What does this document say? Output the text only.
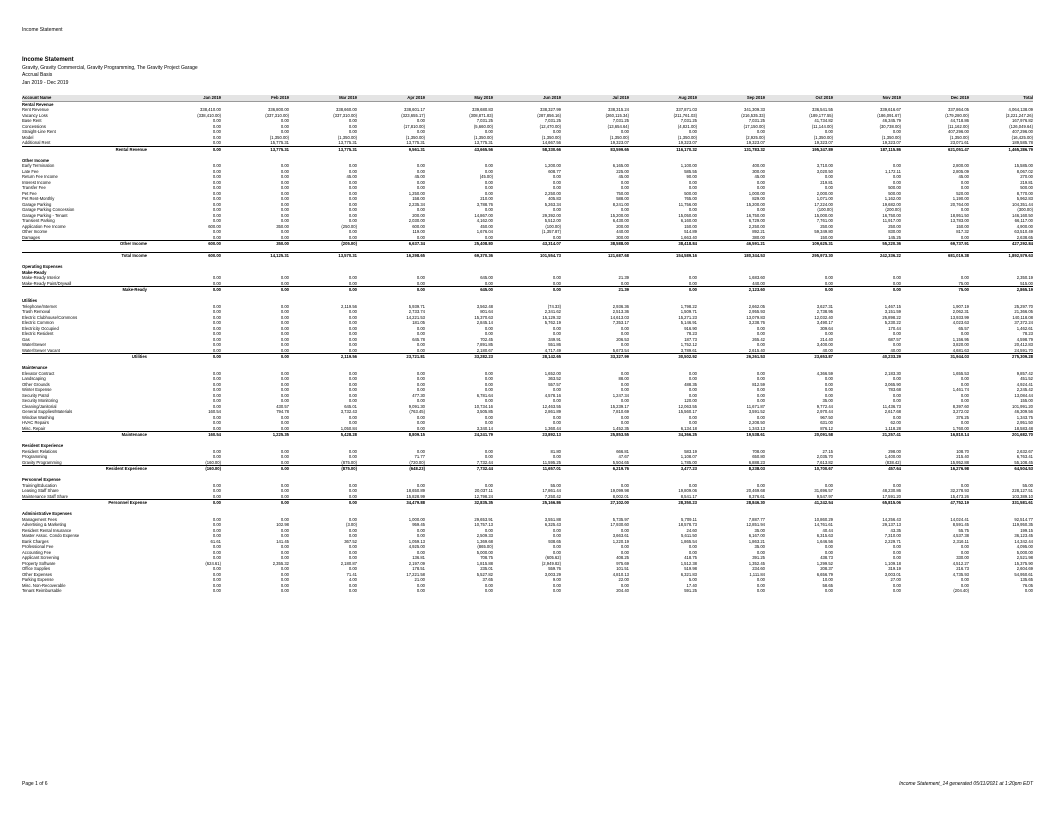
Income Statement
Income Statement
Gravity, Gravity Commercial, Gravity Programming, The Gravity Project Garage
Accrual Basis
Jan 2019 - Dec 2019
Account Name	Jan 2019	Feb 2019	Mar 2019	Apr 2019	May 2019	Jun 2019	Jul 2019	Aug 2019	Sep 2019	Oct 2019	Nov 2019	Dec 2019	Total
Rental Revenue													
Rent Revenue	338,410.00	336,800.00	338,660.00	338,601.17	339,680.83	338,327.99	338,315.24	337,871.03	341,309.33	336,541.55	339,616.67	337,864.05	4,064,138.09
Vacancy Loss	(338,410.00)	(337,310.00)	(337,310.00)	(323,655.17)	(308,871.83)	(287,856.16)	(260,115.34)	(211,761.03)	(216,535.33)	(189,177.55)	(186,091.67)	(179,280.00)	(3,221,247.26)
Base Rent	0.00	0.00	0.00	0.00	7,031.25	7,031.25	7,031.25	7,031.25	7,031.25	41,734.82	46,345.79	44,718.86	167,976.82
Concessions	0.00	0.00	0.00	(17,810.00)	(5,660.00)	(12,470.00)	(13,654.64)	(4,821.00)	(17,150.00)	(11,144.00)	(30,738.00)	(11,162.00)	(126,049.64)
Straight-Line Rent	0.00	0.00	0.00	0.00	0.00	0.00	0.00	0.00	0.00	0.00	0.00	407,296.00	407,296.00
Model	0.00	(1,350.00)	(1,350.00)	(1,350.00)	(1,350.00)	(1,350.00)	(1,350.00)	(1,350.00)	(2,925.00)	(1,350.00)	(1,350.00)	(1,350.00)	(16,425.00)
Additional Rent	0.00	15,775.31	13,775.31	13,775.31	13,775.31	14,667.56	19,323.07	19,323.07	19,323.07	19,323.07	19,323.07	23,071.61	189,585.78
Rental Revenue	0.00	13,775.31	13,775.31	9,561.31	43,665.56	58,330.66	83,599.65	116,170.32	131,783.32	195,347.89	187,115.86	621,051.47	1,465,286.79

Other Income													
Early Termination	0.00	0.00	0.00	0.00	0.00	1,200.00	6,165.00	1,100.00	400.00	3,710.00	0.00	2,800.00	15,585.00
Late Fee	0.00	0.00	0.00	0.00	0.00	608.77	225.00	585.55	300.00	3,020.50	1,172.11	2,805.09	8,067.02
Return Fee Income	0.00	0.00	45.00	45.00	(45.00)	0.00	45.00	90.00	45.00	0.00	0.00	45.00	270.00
Interest Income	0.00	0.00	0.00	0.00	0.00	0.00	0.00	0.00	0.00	219.81	0.00	0.00	219.81
Transfer Fee	0.00	0.00	0.00	0.00	0.00	0.00	0.00	0.00	0.00	0.00	500.00	0.00	500.00
Pet Fee	0.00	0.00	0.00	1,250.00	0.00	2,250.00	750.00	500.00	1,000.00	2,000.00	500.00	520.00	8,770.00
Pet Rent-Monthly	0.00	0.00	0.00	158.00	210.00	405.83	588.00	765.00	829.00	1,071.00	1,162.00	1,190.00	5,962.83
Garage Parking	0.00	0.00	0.00	2,235.34	3,788.76	5,263.34	8,241.00	11,756.00	15,200.00	17,224.00	19,682.00	20,764.00	104,351.44
Garage Parking Concession	0.00	0.00	0.00	0.00	0.00	0.00	0.00	0.00	0.00	(100.00)	(200.00)	0.00	(300.00)
Garage Parking - Tenant	0.00	0.00	0.00	200.00	14,867.00	29,392.00	15,200.00	15,050.00	16,750.00	15,000.00	16,750.00	18,951.50	146,160.50
Transient Parking	0.00	0.00	0.00	2,030.00	4,162.00	5,512.00	6,430.00	6,160.00	6,729.00	7,761.00	11,917.00	13,783.00	66,117.00
Application Fee Income	600.00	350.00	(250.00)	600.00	450.00	(100.00)	200.00	150.00	2,250.00	250.00	250.00	150.00	4,900.00
Other Income	0.00	0.00	0.00	119.00	1,676.04	(1,357.87)	440.00	514.89	892.21	59,349.80	830.00	817.32	63,510.49
Damages	0.00	0.00	0.00	0.00	0.00	0.00	300.00	1,663.40	380.00	150.00	145.25	0.00	2,638.65
Other Income	600.00	350.00	(205.00)	6,637.34	25,408.80	43,314.07	38,588.00	38,418.84	46,591.21	109,625.31	55,220.36	69,737.91	427,292.84

Total Income	600.00	14,125.31	13,570.31	16,298.65	69,370.36	101,554.73	121,687.68	154,589.16	180,344.53	295,973.30	242,336.22	681,019.38	1,892,579.63

Operating Expenses													
Make-Ready													
Make-Ready Interior	0.00	0.00	0.00	0.00	645.00	0.00	21.39	0.00	1,683.60	0.00	0.00	0.00	2,350.19
Make-Ready Paint/Drywall	0.00	0.00	0.00	0.00	0.00	0.00	0.00	0.00	440.00	0.00	0.00	75.00	515.00
Make-Ready	0.00	0.00	0.00	0.00	645.00	0.00	21.39	0.00	2,123.60	0.00	0.00	75.00	2,865.19

Utilities													
Telephone/Internet	0.00	0.00	2,119.56	5,939.71	3,562.48	(74.33)	2,936.36	1,798.22	2,662.05	3,627.31	1,467.15	1,907.19	25,297.70
Trash Removal	0.00	0.00	0.00	2,733.74	801.64	2,341.62	2,513.36	1,509.71	2,955.93	2,738.95	3,151.59	2,062.31	21,366.05
Electric Clubhouse/Commons	0.00	0.00	0.00	14,221.53	15,370.63	15,129.32	14,613.03	15,271.23	13,079.83	12,032.40	25,898.22	13,933.99	140,118.08
Electric Common	0.00	0.00	0.00	181.05	2,845.14	5,762.19	7,353.17	5,146.91	3,238.76	3,490.17	5,230.22	4,023.63	37,372.24
Electricity Occupied	0.00	0.00	0.00	0.00	0.00	0.00	0.00	916.90	0.00	309.64	170.44	65.57	1,462.61
Electric Resident	0.00	0.00	0.00	0.00	0.00	0.00	0.00	78.23	0.00	0.00	0.00	0.00	78.23
Gas	0.00	0.00	0.00	645.78	702.45	349.91	206.53	187.73	265.42	214.40	687.57	1,156.95	4,598.79
Water/Sewer	0.00	0.00	0.00	0.00	7,891.85	551.86	0.00	1,752.12	0.00	3,400.00	0.00	3,820.00	20,412.83
Water/Sewer Vacant	0.00	0.00	0.00	0.00	2,180.67	4,717.49	5,673.54	3,789.61	2,615.40	40.00	40.00	4,681.63	24,591.70
Utilities	0.00	0.00	2,119.56	23,721.81	33,282.23	28,142.65	33,327.99	30,502.92	26,261.53	23,653.87	40,233.29	31,944.03	275,309.28

Maintenance													
Elevator Contract	0.00	0.00	0.00	0.00	0.00	1,652.00	0.00	0.00	0.00	4,366.59	2,183.30	1,655.53	9,857.42
Landscaping	0.00	0.00	0.00	0.00	0.00	363.52	88.00	0.00	0.00	0.00	0.00	0.00	451.52
Other Grounds	0.00	0.00	0.00	0.00	0.00	557.57	0.00	488.35	812.59	0.00	3,065.90	0.00	4,924.41
Winter Expense	0.00	0.00	0.00	0.00	0.00	0.00	0.00	0.00	0.00	0.00	783.68	1,461.74	2,245.42
Security Patrol	0.00	0.00	0.00	477.30	6,781.64	4,578.16	1,247.34	0.00	0.00	0.00	0.00	0.00	13,084.44
Security Monitoring	0.00	0.00	0.00	0.00	0.00	0.00	0.00	120.00	0.00	35.00	0.00	0.00	155.00
Cleaning/Janitorial	0.00	430.57	645.01	9,091.30	10,734.16	12,463.55	15,239.17	12,063.55	11,671.87	9,772.44	11,436.73	8,397.60	101,991.20
General Supplies/Materials	160.54	794.78	3,732.43	(763.45)	3,505.85	2,861.89	7,810.69	15,560.17	3,591.52	2,970.44	2,617.68	3,272.02	46,309.56
Window Washing	0.00	0.00	0.00	0.00	0.00	0.00	0.00	0.00	0.00	967.50	0.00	376.25	1,343.75
HVAC Repairs	0.00	0.00	0.00	0.00	0.00	0.00	0.00	0.00	2,208.50	631.00	62.00	0.00	2,951.50
Misc. Repair	0.00	0.00	1,050.84	0.00	3,340.14	1,360.44	1,452.35	6,134.18	1,343.13	876.12	1,118.28	1,760.00	18,583.48
Maintenance	160.54	1,225.35	5,428.28	8,809.15	24,241.79	23,892.13	25,853.55	34,366.25	19,538.61	20,091.58	21,257.41	16,810.14	201,682.70

Resident Experience													
Resident Relations	0.00	0.00	0.00	0.00	0.00	81.80	666.81	583.19	708.00	27.15	298.00	108.70	2,632.67
Programming	0.00	0.00	0.00	71.77	0.00	0.00	47.67	1,108.07	650.80	2,035.70	1,400.00	215.40	6,763.41
Gravity Programming	(160.00)	0.00	(875.00)	(720.00)	7,732.44	11,595.25	5,504.65	1,785.00	6,888.23	7,613.82	(838.42)	15,952.88	55,108.45
Resident Experience	(160.00)	0.00	(875.00)	(648.23)	7,732.44	11,657.01	6,219.76	3,477.23	8,238.03	10,700.67	457.64	16,276.98	64,504.53

Personnel Expense													
Training/Education	0.00	0.00	0.00	0.00	0.00	55.00	0.00	0.00	0.00	0.00	0.00	0.00	55.00
Leasing Staff Share	0.00	0.00	0.00	18,650.89	20,037.11	17,861.44	19,099.98	19,809.06	20,469.68	31,696.57	48,230.86	32,278.93	228,127.51
Maintenance Staff Share	0.00	0.00	0.00	15,828.99	12,798.24	7,250.42	8,002.01	8,541.17	8,376.61	9,547.97	17,591.20	15,473.26	103,389.10
Personnel Expense	0.00	0.00	0.00	34,479.88	32,835.35	25,166.86	27,102.00	28,350.23	28,846.30	41,242.54	65,815.06	47,752.19	331,581.61

Administrative Expenses													
Management Fees	0.00	0.00	0.00	1,000.00	29,653.91	3,551.88	5,735.97	5,709.11	7,887.77	10,860.29	14,256.43	14,024.41	92,514.77
Advertising & Marketing	0.00	102.98	(3.00)	959.45	10,757.13	6,325.43	17,930.60	18,578.73	12,851.94	14,761.61	29,137.13	8,591.45	119,950.35
Resident Rental Insurance	0.00	0.00	0.00	0.00	0.00	0.00	0.00	24.60	35.00	40.44	43.35	55.75	199.15
Master Assoc. Condo Expense	0.00	0.00	0.00	0.00	2,509.33	0.00	3,663.61	5,611.50	6,167.00	6,315.63	7,310.00	4,537.38	36,123.45
Bank Charges	61.61	141.45	367.52	1,059.13	1,369.68	938.65	1,220.19	1,865.54	1,863.21	1,646.56	2,229.71	2,316.11	14,342.44
Professional Fee	0.00	0.00	0.00	4,925.00	(865.00)	0.00	0.00	0.00	35.00	0.00	0.00	0.00	4,095.00
Accounting Fee	0.00	0.00	0.00	0.00	5,000.00	0.00	0.00	0.00	0.00	0.00	0.00	0.00	5,000.00
Applicant Screening	0.00	0.00	0.00	136.81	708.75	(605.62)	408.25	418.75	391.25	438.73	0.00	330.00	2,521.98
Property Software	(624.61)	2,355.32	2,180.87	2,197.09	1,815.88	(2,949.82)	975.69	1,512.38	1,352.45	1,299.52	1,109.18	4,512.27	15,375.90
Office Supplies	0.00	0.00	0.00	178.51	235.01	559.76	101.51	519.98	234.60	208.37	319.19	216.73	2,604.69
Other Expenses	0.00	0.00	71.41	17,221.58	5,527.82	3,003.29	4,810.13	6,321.83	1,111.84	6,656.79	3,003.01	4,735.93	54,950.61
Parking Expense	0.00	0.00	4.00	21.00	37.65	9.00	22.00	5.00	0.00	10.00	27.00	0.00	135.65
Misc. Non-Recoverable	0.00	0.00	0.00	0.00	0.00	0.00	0.00	17.40	0.00	58.65	0.00	0.00	76.05
Tenant Reimbursable	0.00	0.00	0.00	0.00	0.00	0.00	204.40	591.25	0.00	0.00	0.00	(204.40)	0.00
Page 1 of 6	Income Statement_14 generated 05/11/2021 at 1:20pm EDT
